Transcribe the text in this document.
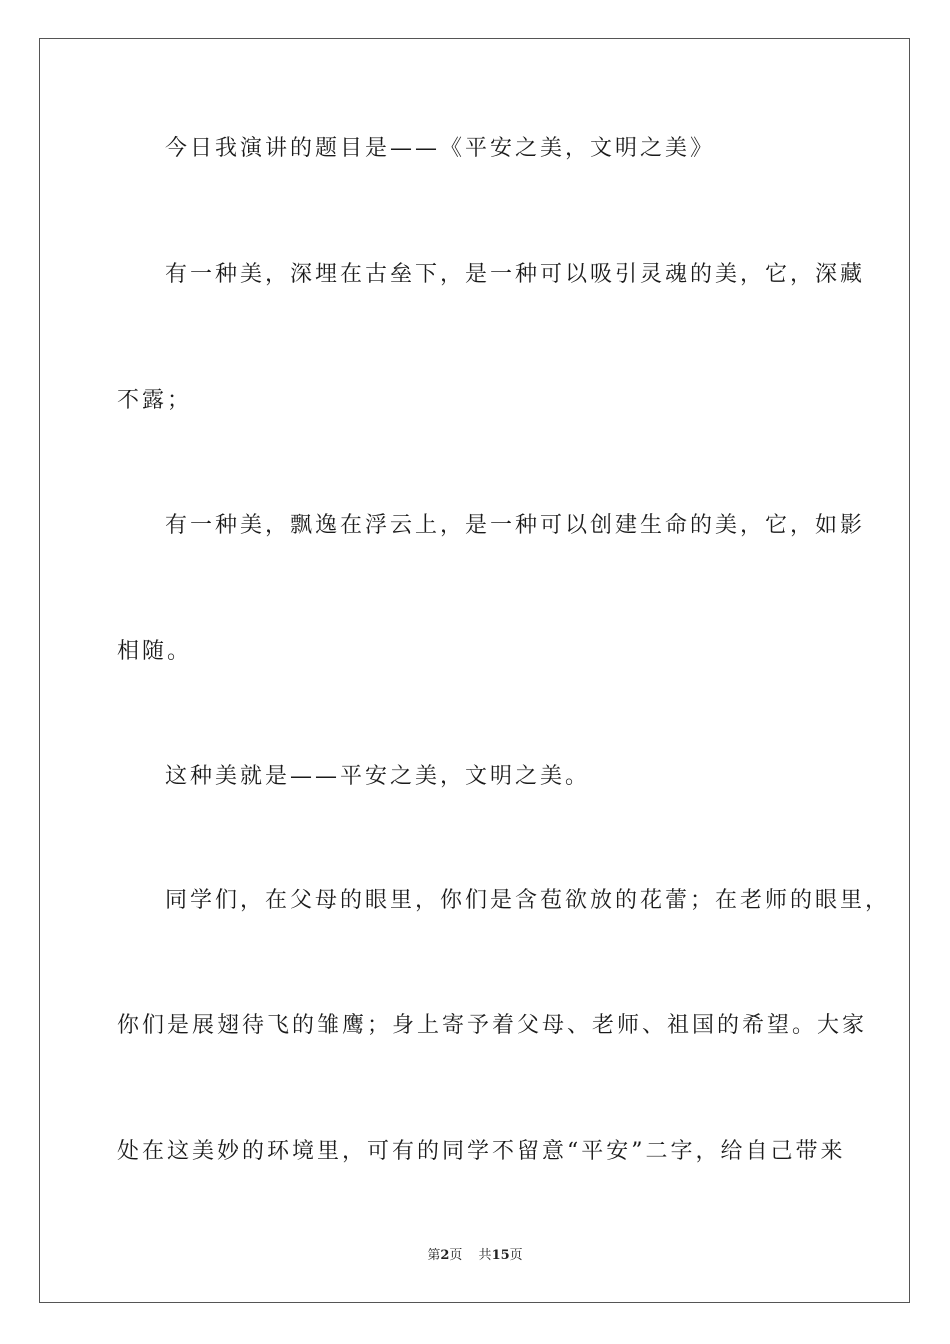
今日我演讲的题目是——《平安之美，文明之美》
有一种美，深埋在古垒下，是一种可以吸引灵魂的美，它，深藏
不露；
有一种美，飘逸在浮云上，是一种可以创建生命的美，它，如影
相随。
这种美就是——平安之美，文明之美。
同学们，在父母的眼里，你们是含苞欲放的花蕾；在老师的眼里，
你们是展翅待飞的雏鹰；身上寄予着父母、老师、祖国的希望。大家
处在这美妙的环境里，可有的同学不留意“平安”二字，给自己带来
第2页 共15页
